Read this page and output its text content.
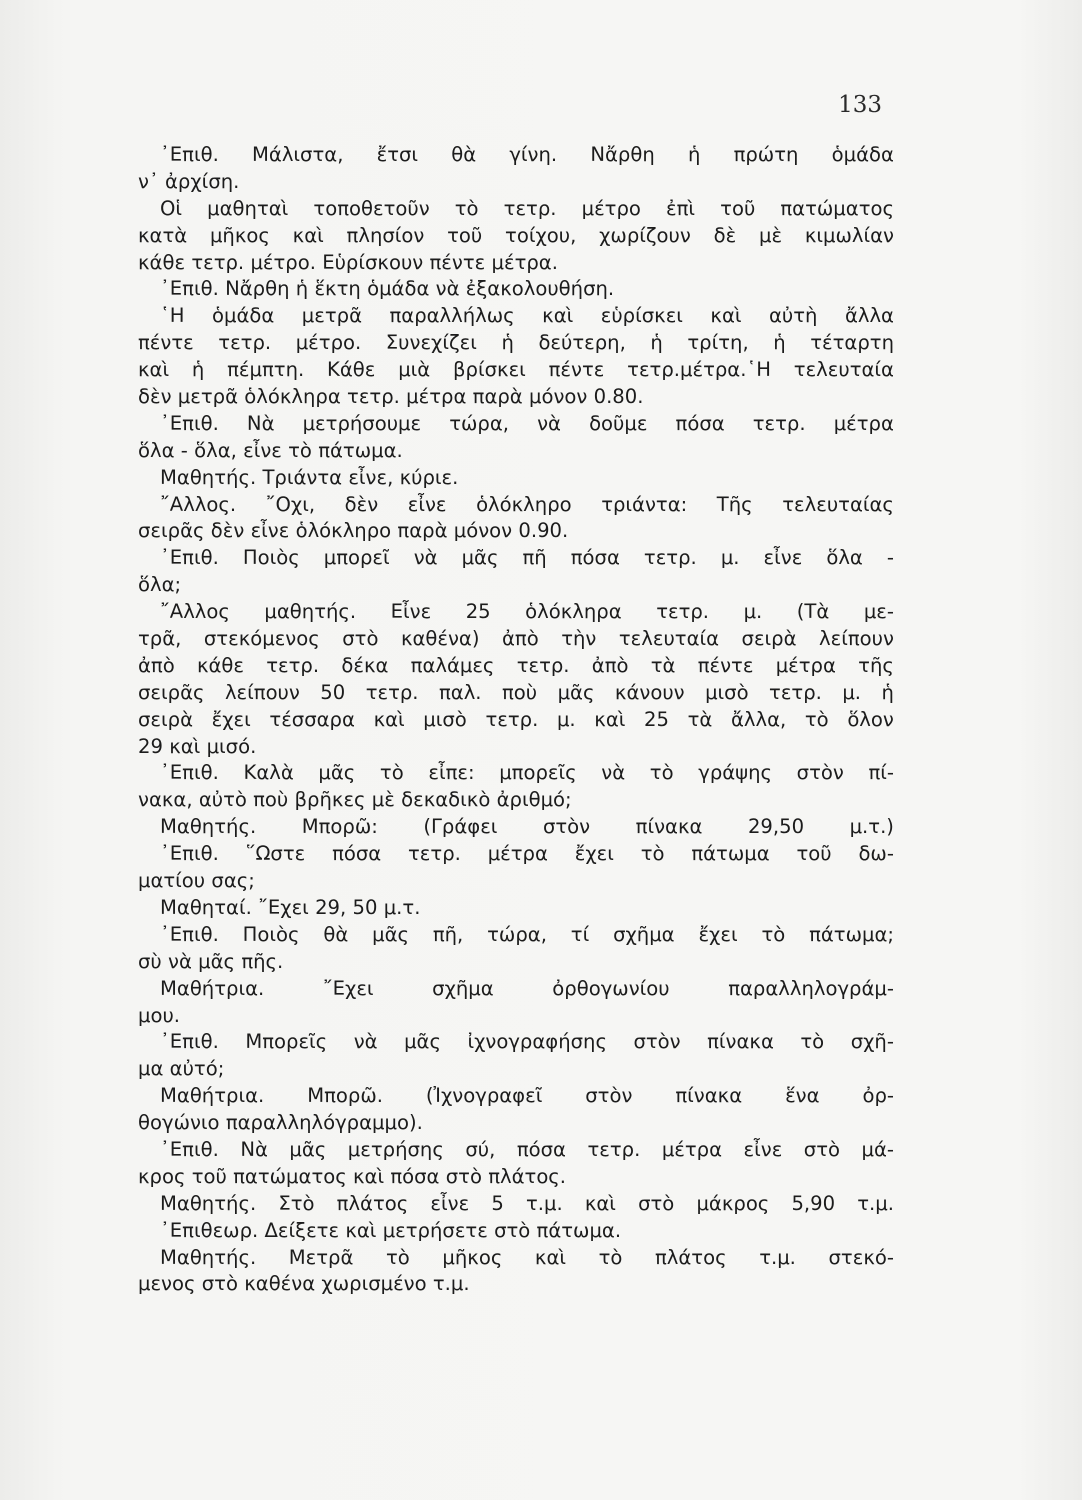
133
᾿Επιθ. Μάλιστα, ἔτσι θὰ γίνη. Νἄρθη ἡ πρώτη ὁμάδα
ν᾿ ἀρχίση.
Οἱ μαθηταὶ τοποθετοῦν τὸ τετρ. μέτρο ἐπὶ τοῦ πατώματος
κατὰ μῆκος καὶ πλησίον τοῦ τοίχου, χωρίζουν δὲ μὲ κιμωλίαν
κάθε τετρ. μέτρο. Εὑρίσκουν πέντε μέτρα.
᾿Επιθ. Νἄρθη ἡ ἕκτη ὁμάδα νὰ ἐξακολουθήση.
῾Η ὁμάδα μετρᾶ παραλλήλως καὶ εὑρίσκει καὶ αὐτὴ ἄλλα
πέντε τετρ. μέτρο. Συνεχίζει ἡ δεύτερη, ἡ τρίτη, ἡ τέταρτη
καὶ ἡ πέμπτη. Κάθε μιὰ βρίσκει πέντε τετρ.μέτρα.῾Η τελευταία
δὲν μετρᾶ ὁλόκληρα τετρ. μέτρα παρὰ μόνον 0.80.
᾿Επιθ. Νὰ μετρήσουμε τώρα, νὰ δοῦμε πόσα τετρ. μέτρα
ὅλα - ὅλα, εἶνε τὸ πάτωμα.
Μαθητής. Τριάντα εἶνε, κύριε.
῎Αλλος. ῎Οχι, δὲν εἶνε ὁλόκληρο τριάντα: Τῆς τελευταίας
σειρᾶς δὲν εἶνε ὁλόκληρο παρὰ μόνον 0.90.
᾿Επιθ. Ποιὸς μπορεῖ νὰ μᾶς πῆ πόσα τετρ. μ. εἶνε ὅλα -
ὅλα;
῎Αλλος μαθητής. Εἶνε 25 ὁλόκληρα τετρ. μ. (Τὰ με-
τρᾶ, στεκόμενος στὸ καθένα) ἀπὸ τὴν τελευταία σειρὰ λείπουν
ἀπὸ κάθε τετρ. δέκα παλάμες τετρ. ἀπὸ τὰ πέντε μέτρα τῆς
σειρᾶς λείπουν 50 τετρ. παλ. ποὺ μᾶς κάνουν μισὸ τετρ. μ. ἡ
σειρὰ ἔχει τέσσαρα καὶ μισὸ τετρ. μ. καὶ 25 τὰ ἄλλα, τὸ ὅλον
29 καὶ μισό.
᾿Επιθ. Καλὰ μᾶς τὸ εἶπε: μπορεῖς νὰ τὸ γράψης στὸν πί-
νακα, αὐτὸ ποὺ βρῆκες μὲ δεκαδικὸ ἀριθμό;
Μαθητής. Μπορῶ: (Γράφει στὸν πίνακα 29,50 μ.τ.)
᾿Επιθ. ῞Ωστε πόσα τετρ. μέτρα ἔχει τὸ πάτωμα τοῦ δω-
ματίου σας;
Μαθηταί. ῎Εχει 29, 50 μ.τ.
᾿Επιθ. Ποιὸς θὰ μᾶς πῆ, τώρα, τί σχῆμα ἔχει τὸ πάτωμα;
σὺ νὰ μᾶς πῆς.
Μαθήτρια.	῎Εχει	σχῆμα	ὀρθογωνίου	παραλληλογράμ-
μου.
᾿Επιθ. Μπορεῖς νὰ μᾶς ἰχνογραφήσης στὸν πίνακα τὸ σχῆ-
μα αὐτό;
Μαθήτρια. Μπορῶ. (Ἰχνογραφεῖ στὸν πίνακα ἕνα ὀρ-
θογώνιο παραλληλόγραμμο).
᾿Επιθ. Νὰ μᾶς μετρήσης σύ, πόσα τετρ. μέτρα εἶνε στὸ μά-
κρος τοῦ πατώματος καὶ πόσα στὸ πλάτος.
Μαθητής. Στὸ πλάτος εἶνε 5 τ.μ. καὶ στὸ μάκρος 5,90 τ.μ.
᾿Επιθεωρ. Δείξετε καὶ μετρήσετε στὸ πάτωμα.
Μαθητής. Μετρᾶ τὸ μῆκος καὶ τὸ πλάτος τ.μ. στεκό-
μενος στὸ καθένα χωρισμένο τ.μ.
